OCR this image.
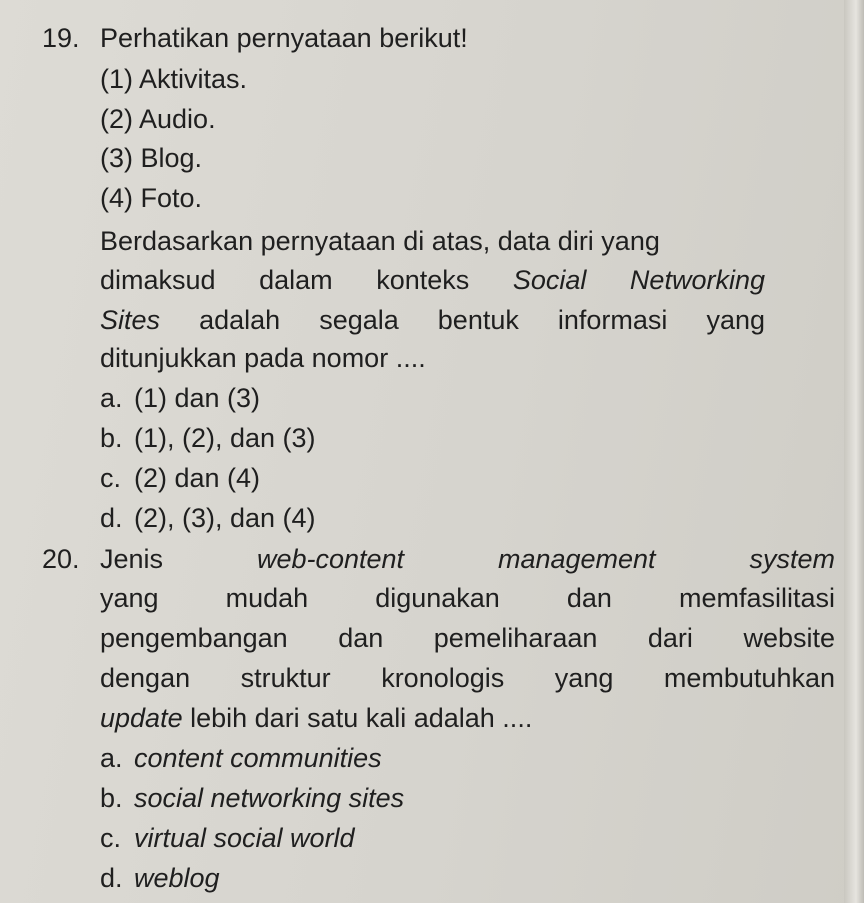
19. Perhatikan pernyataan berikut!
(1) Aktivitas.
(2) Audio.
(3) Blog.
(4) Foto.
Berdasarkan pernyataan di atas, data diri yang
dimaksud dalam konteks Social Networking
Sites adalah segala bentuk informasi yang
ditunjukkan pada nomor ....
a. (1) dan (3)
b. (1), (2), dan (3)
c. (2) dan (4)
d. (2), (3), dan (4)
20. Jenis	web-content management system
yang mudah digunakan dan memfasilitasi
pengembangan dan pemeliharaan dari website
dengan struktur kronologis yang membutuhkan
update lebih dari satu kali adalah ....
a. content communities
b. social networking sites
c. virtual social world
d. weblog
